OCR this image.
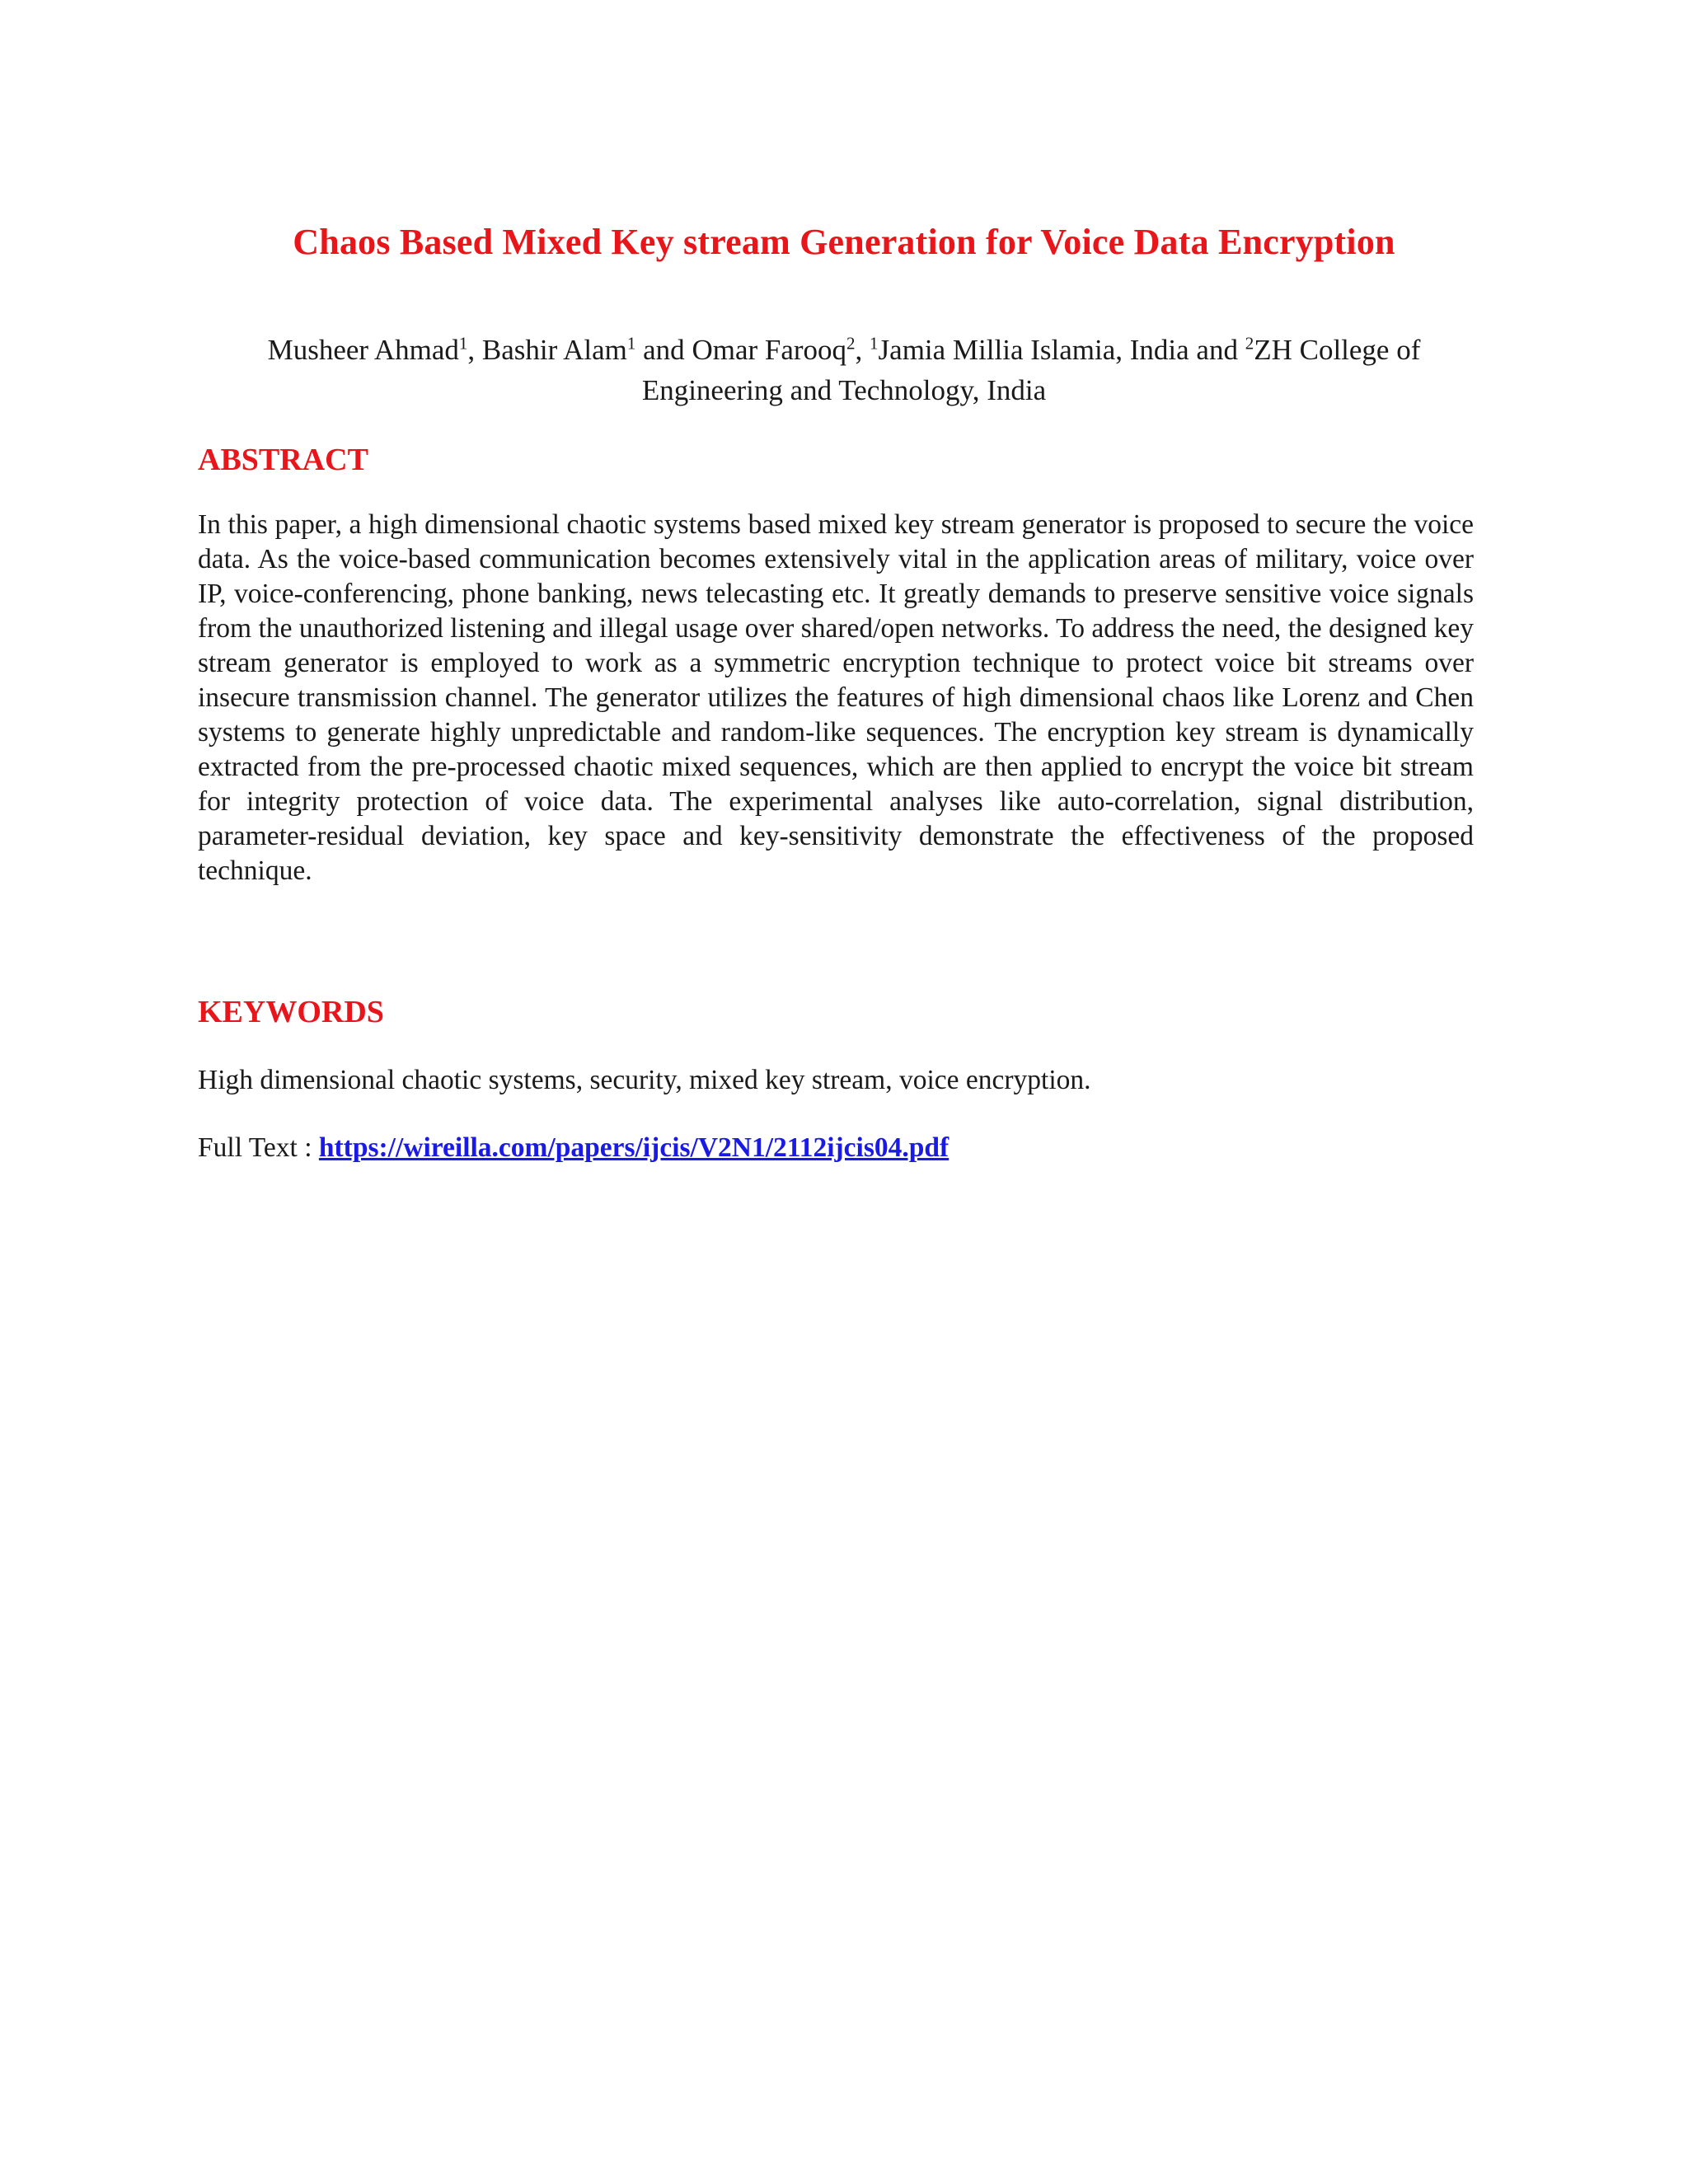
Chaos Based Mixed Key stream Generation for Voice Data Encryption
Musheer Ahmad$^1$, Bashir Alam$^1$ and Omar Farooq$^2$, $^1$Jamia Millia Islamia, India and $^2$ZH College of Engineering and Technology, India
ABSTRACT
In this paper, a high dimensional chaotic systems based mixed key stream generator is proposed to secure the voice data. As the voice-based communication becomes extensively vital in the application areas of military, voice over IP, voice-conferencing, phone banking, news telecasting etc. It greatly demands to preserve sensitive voice signals from the unauthorized listening and illegal usage over shared/open networks. To address the need, the designed key stream generator is employed to work as a symmetric encryption technique to protect voice bit streams over insecure transmission channel. The generator utilizes the features of high dimensional chaos like Lorenz and Chen systems to generate highly unpredictable and random-like sequences. The encryption key stream is dynamically extracted from the pre-processed chaotic mixed sequences, which are then applied to encrypt the voice bit stream for integrity protection of voice data. The experimental analyses like auto-correlation, signal distribution, parameter-residual deviation, key space and key-sensitivity demonstrate the effectiveness of the proposed technique.
KEYWORDS
High dimensional chaotic systems, security, mixed key stream, voice encryption.
Full Text : https://wireilla.com/papers/ijcis/V2N1/2112ijcis04.pdf
